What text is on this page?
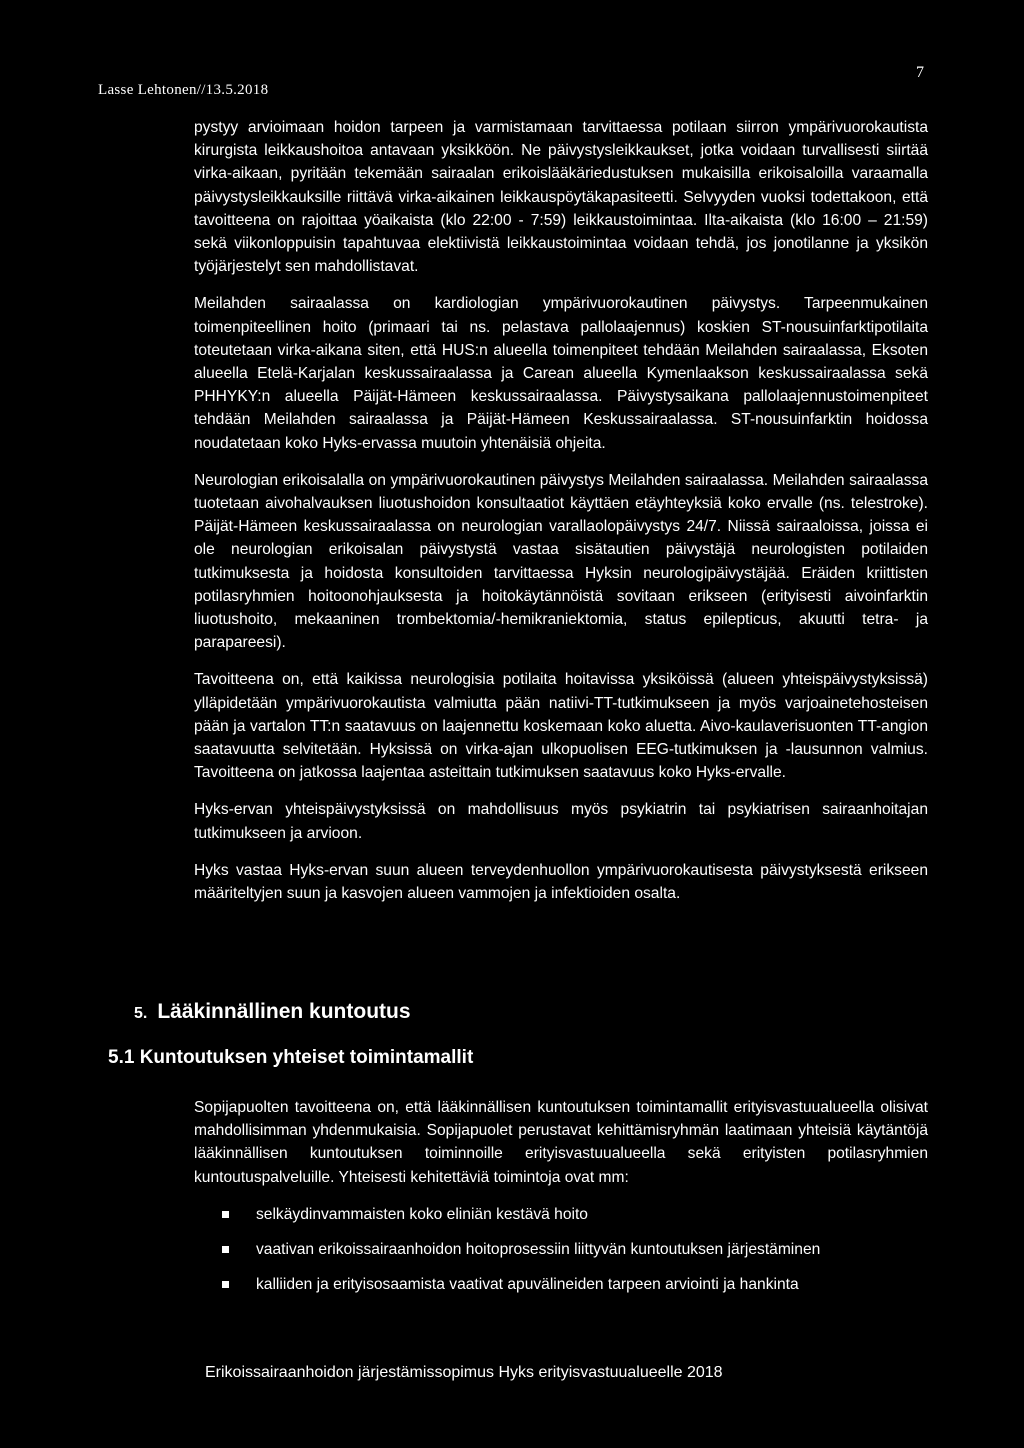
Lasse Lehtonen//13.5.2018
7

pystyy arvioimaan hoidon tarpeen ja varmistamaan tarvittaessa potilaan siirron ympärivuorokautista kirurgista leikkaushoitoa antavaan yksikköön. Ne päivystysleikkaukset, jotka voidaan turvallisesti siirtää virka-aikaan, pyritään tekemään sairaalan erikoislääkäriedustuksen mukaisilla erikoisaloilla varaamalla päivystysleikkauksille riittävä virka-aikainen leikkauspöytäkapasiteetti. Selvyyden vuoksi todettakoon, että tavoitteena on rajoittaa yöaikaista (klo 22:00 - 7:59) leikkaustoimintaa. Ilta-aikaista (klo 16:00 – 21:59) sekä viikonloppuisin tapahtuvaa elektiivistä leikkaustoimintaa voidaan tehdä, jos jonotilanne ja yksikön työjärjestelyt sen mahdollistavat.

Meilahden sairaalassa on kardiologian ympärivuorokautinen päivystys. Tarpeenmukainen toimenpiteellinen hoito (primaari tai ns. pelastava pallolaajennus) koskien ST-nousuinfarktipotilaita toteutetaan virka-aikana siten, että HUS:n alueella toimenpiteet tehdään Meilahden sairaalassa, Eksoten alueella Etelä-Karjalan keskussairaalassa ja Carean alueella Kymenlaakson keskussairaalassa sekä PHHYKY:n alueella Päijät-Hämeen keskussairaalassa. Päivystysaikana pallolaajennustoimenpiteet tehdään Meilahden sairaalassa ja Päijät-Hämeen Keskussairaalassa. ST-nousuinfarktin hoidossa noudatetaan koko Hyks-ervassa muutoin yhtenäisiä ohjeita.

Neurologian erikoisalalla on ympärivuorokautinen päivystys Meilahden sairaalassa. Meilahden sairaalassa tuotetaan aivohalvauksen liuotushoidon konsultaatiot käyttäen etäyhteyksiä koko ervalle (ns. telestroke). Päijät-Hämeen keskussairaalassa on neurologian varallaolopäivystys 24/7. Niissä sairaaloissa, joissa ei ole neurologian erikoisalan päivystystä vastaa sisätautien päivystäjä neurologisten potilaiden tutkimuksesta ja hoidosta konsultoiden tarvittaessa Hyksin neurologipäivystäjää. Eräiden kriittisten potilasryhmien hoitoonohjauksesta ja hoitokäytännöistä sovitaan erikseen (erityisesti aivoinfarktin liuotushoito, mekaaninen trombektomia/-hemikraniektomia, status epilepticus, akuutti tetra- ja parapareesi).

Tavoitteena on, että kaikissa neurologisia potilaita hoitavissa yksiköissä (alueen yhteispäivystyksissä) ylläpidetään ympärivuorokautista valmiutta pään natiivi-TT-tutkimukseen ja myös varjoainetehosteisen pään ja vartalon TT:n saatavuus on laajennettu koskemaan koko aluetta. Aivo-kaulaverisuonten TT-angion saatavuutta selvitetään. Hyksissä on virka-ajan ulkopuolisen EEG-tutkimuksen ja -lausunnon valmius. Tavoitteena on jatkossa laajentaa asteittain tutkimuksen saatavuus koko Hyks-ervalle.

Hyks-ervan yhteispäivystyksissä on mahdollisuus myös psykiatrin tai psykiatrisen sairaanhoitajan tutkimukseen ja arvioon.

Hyks vastaa Hyks-ervan suun alueen terveydenhuollon ympärivuorokautisesta päivystyksestä erikseen määriteltyjen suun ja kasvojen alueen vammojen ja infektioiden osalta.

5. Lääkinnällinen kuntoutus
5.1 Kuntoutuksen yhteiset toimintamallit

Sopijapuolten tavoitteena on, että lääkinnällisen kuntoutuksen toimintamallit erityisvastuualueella olisivat mahdollisimman yhdenmukaisia. Sopijapuolet perustavat kehittämisryhmän laatimaan yhteisiä käytäntöjä lääkinnällisen kuntoutuksen toiminnoille erityisvastuualueella sekä erityisten potilasryhmien kuntoutuspalveluille. Yhteisesti kehitettäviä toimintoja ovat mm:

selkäydinvammaisten koko eliniän kestävä hoito
vaativan erikoissairaanhoidon hoitoprosessiin liittyvän kuntoutuksen järjestäminen
kalliiden ja erityisosaamista vaativat apuvälineiden tarpeen arviointi ja hankinta
Erikoissairaanhoidon järjestämissopimus Hyks erityisvastuualueelle 2018
